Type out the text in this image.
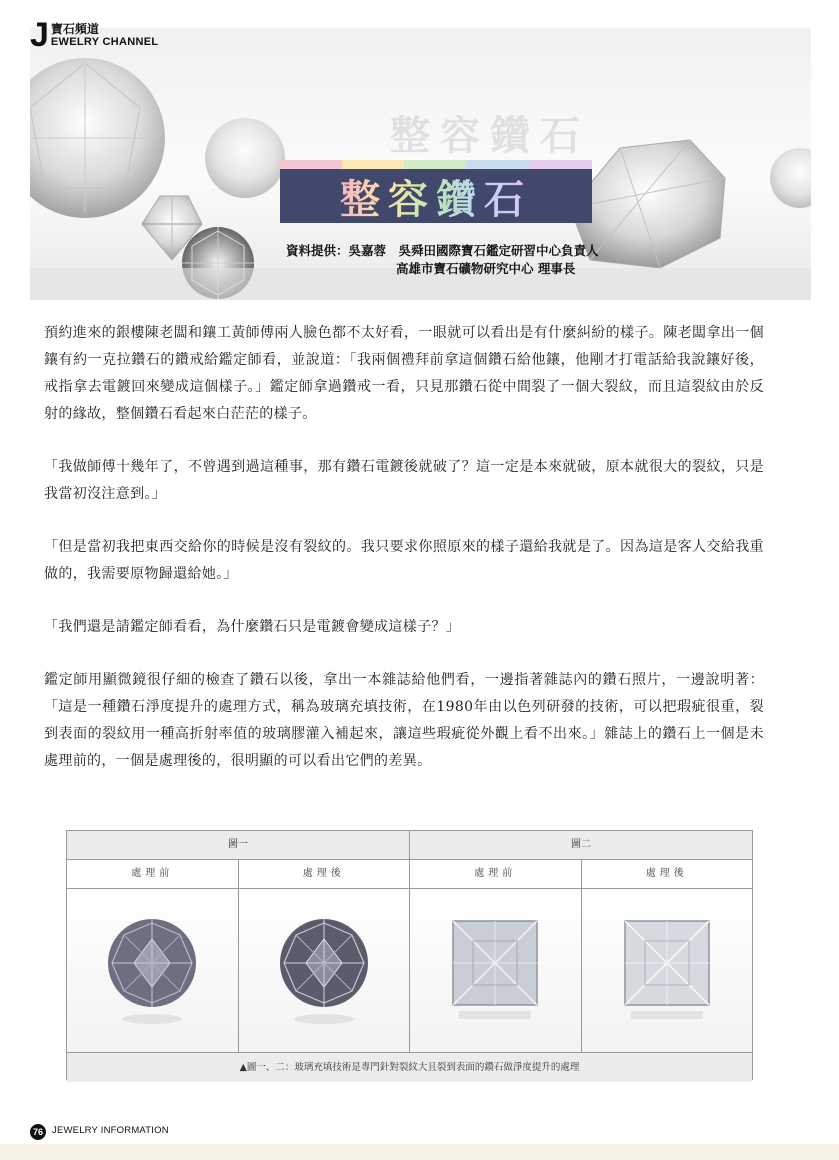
J 寶石頻道
EWELRY CHANNEL
整容鑽石
整容鑽石
資料提供：吳嘉蓉　吳舜田國際寶石鑑定研習中心負責人
高雄市寶石礦物研究中心 理事長

預約進來的銀樓陳老闆和鑲工黃師傅兩人臉色都不太好看，一眼就可以看出是有什麼糾紛的樣子。陳老闆拿出一個鑲有約一克拉鑽石的鑽戒給鑑定師看，並說道：「我兩個禮拜前拿這個鑽石給他鑲，他剛才打電話給我說鑲好後，戒指拿去電鍍回來變成這個樣子。」鑑定師拿過鑽戒一看，只見那鑽石從中間裂了一個大裂紋，而且這裂紋由於反射的緣故，整個鑽石看起來白茫茫的樣子。

「我做師傅十幾年了，不曾遇到過這種事，那有鑽石電鍍後就破了？這一定是本來就破，原本就很大的裂紋，只是我當初沒注意到。」

「但是當初我把東西交給你的時候是沒有裂紋的。我只要求你照原來的樣子還給我就是了。因為這是客人交給我重做的，我需要原物歸還給她。」

「我們還是請鑑定師看看，為什麼鑽石只是電鍍會變成這樣子？」

鑑定師用顯微鏡很仔細的檢查了鑽石以後，拿出一本雜誌給他們看，一邊指著雜誌內的鑽石照片，一邊說明著：「這是一種鑽石淨度提升的處理方式，稱為玻璃充填技術，在1980年由以色列研發的技術，可以把瑕疵很重，裂到表面的裂紋用一種高折射率值的玻璃膠灌入補起來，讓這些瑕疵從外觀上看不出來。」雜誌上的鑽石上一個是未處理前的，一個是處理後的，很明顯的可以看出它們的差異。

圖一	圖二
處理前	處理後	處理前	處理後
▲圖一、二：玻璃充填技術是專門針對裂紋大且裂到表面的鑽石做淨度提升的處理
76 JEWELRY INFORMATION
